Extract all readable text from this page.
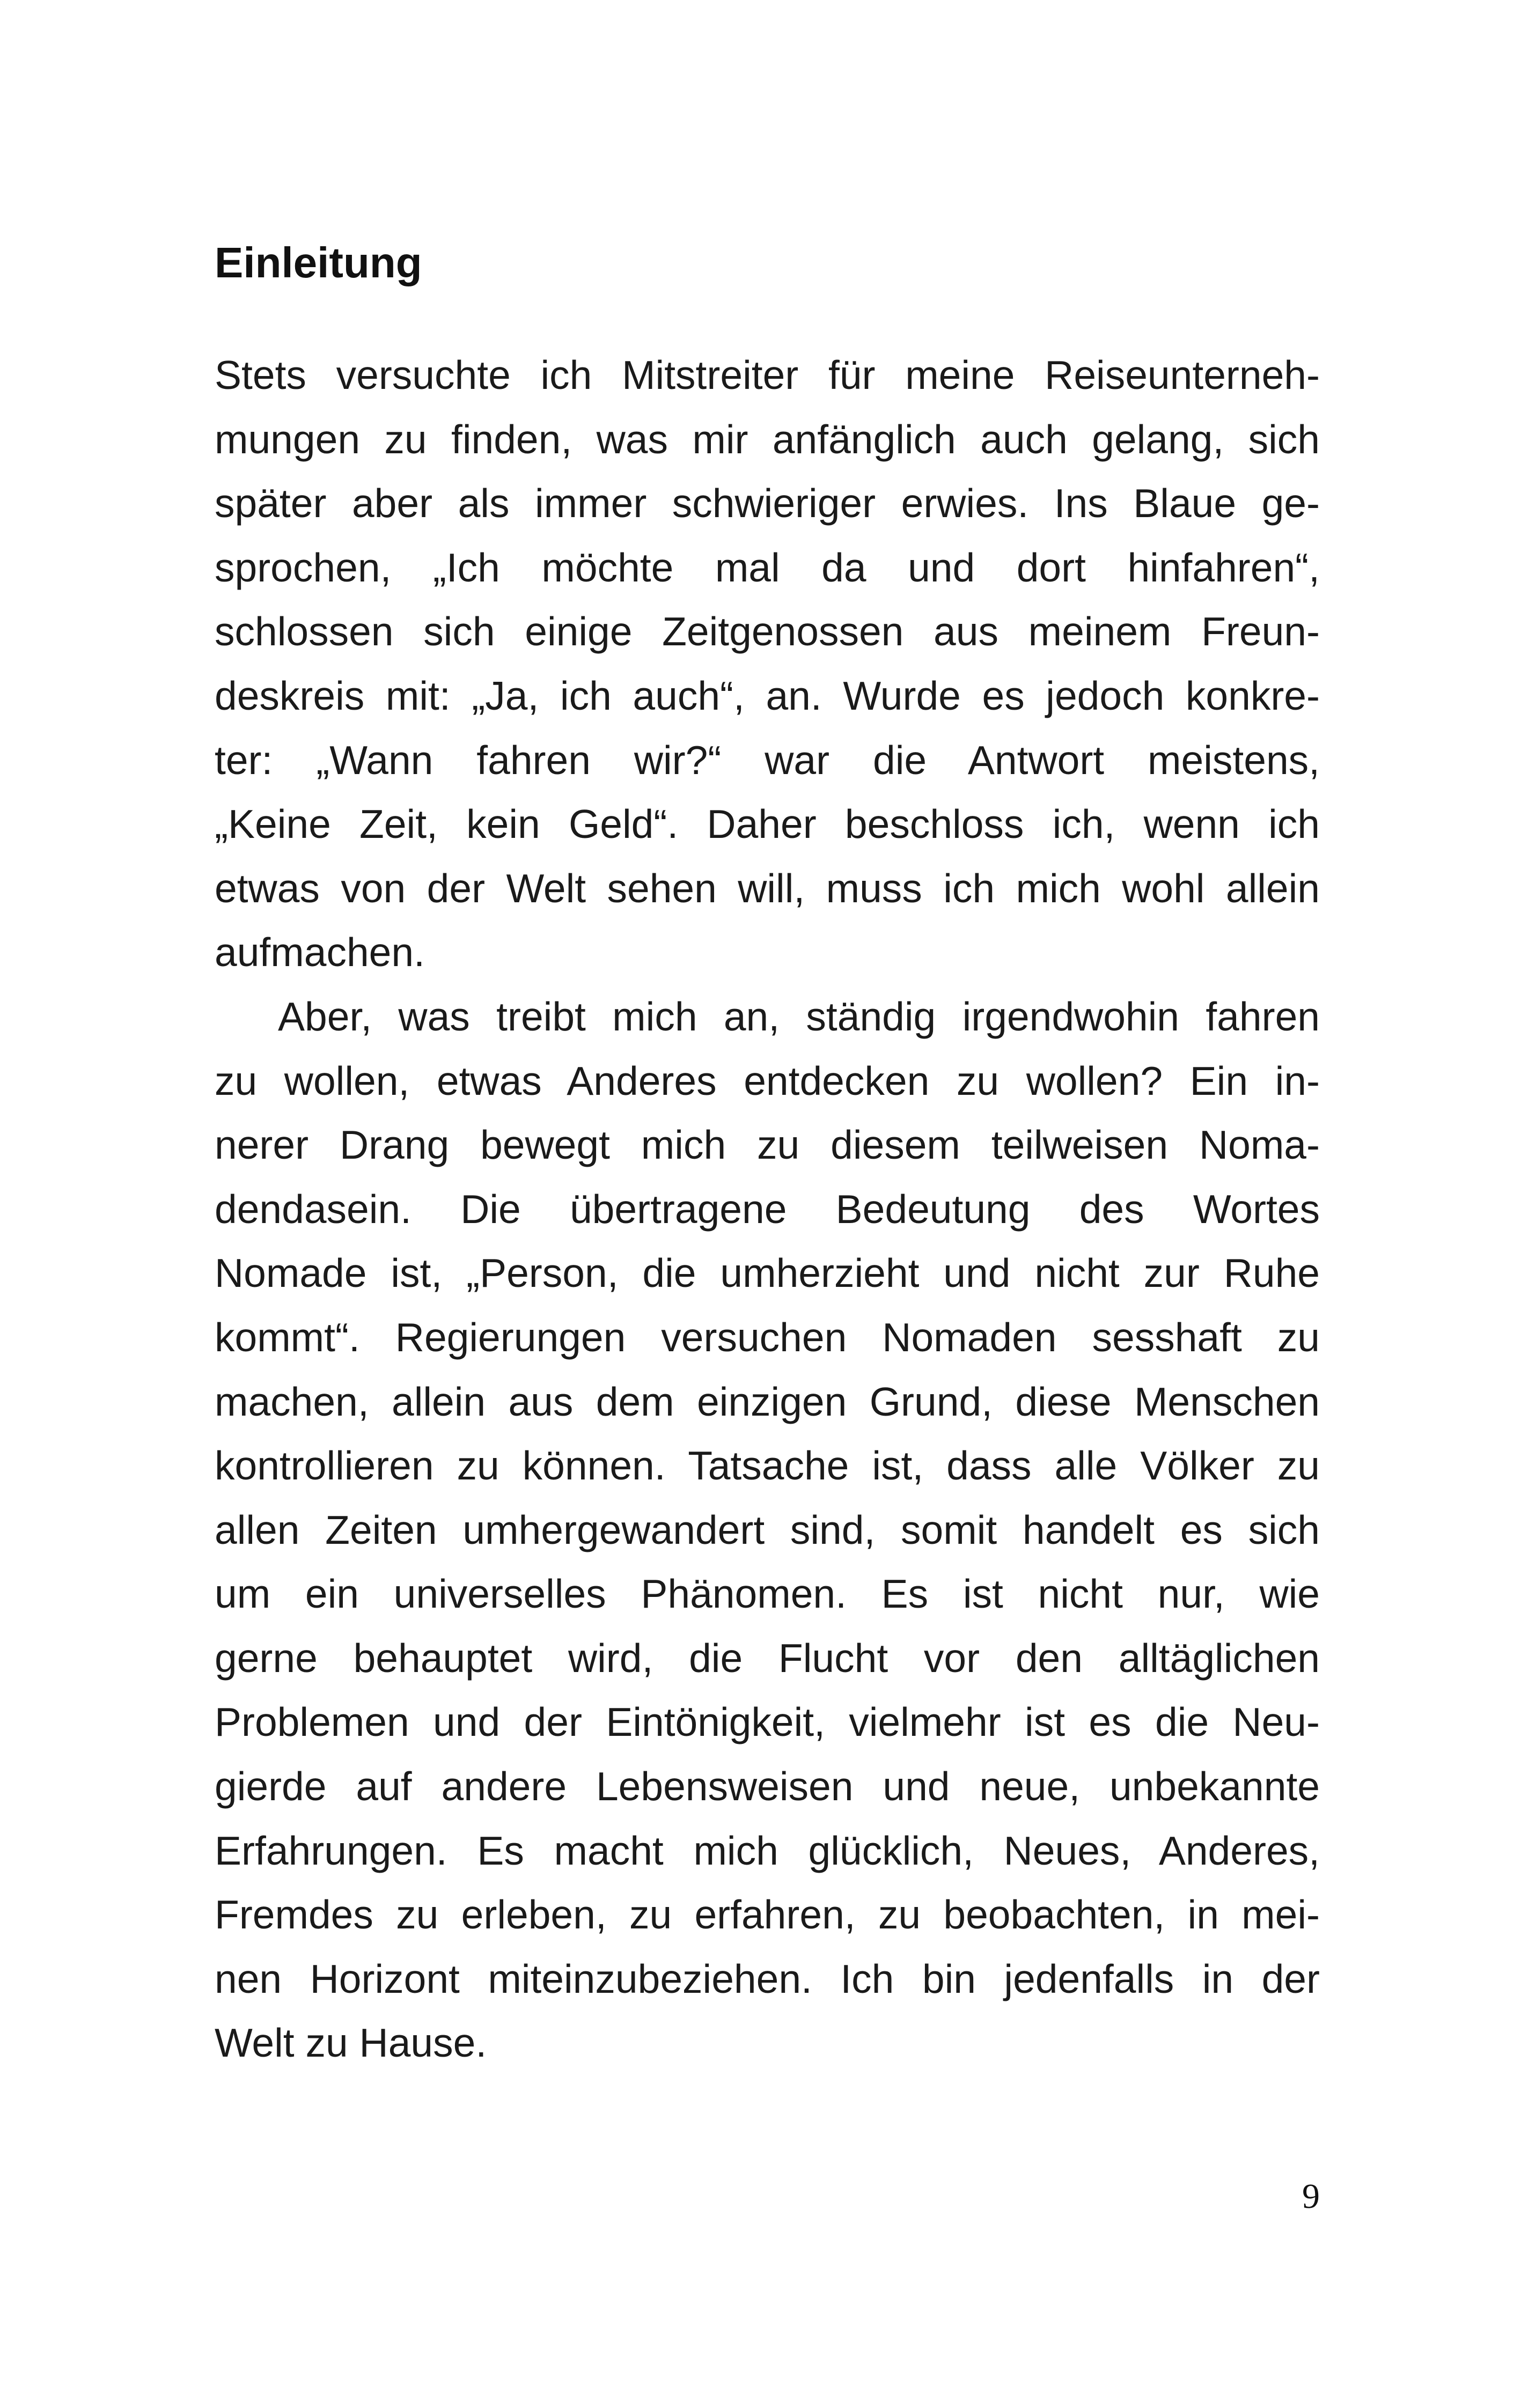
Einleitung
Stets versuchte ich Mitstreiter für meine Reiseunterneh-
mungen zu finden, was mir anfänglich auch gelang, sich
später aber als immer schwieriger erwies. Ins Blaue ge-
sprochen, „Ich möchte mal da und dort hinfahren“,
schlossen sich einige Zeitgenossen aus meinem Freun-
deskreis mit: „Ja, ich auch“, an. Wurde es jedoch konkre-
ter: „Wann fahren wir?“ war die Antwort meistens,
„Keine Zeit, kein Geld“. Daher beschloss ich, wenn ich
etwas von der Welt sehen will, muss ich mich wohl allein
aufmachen.
Aber, was treibt mich an, ständig irgendwohin fahren
zu wollen, etwas Anderes entdecken zu wollen? Ein in-
nerer Drang bewegt mich zu diesem teilweisen Noma-
dendasein. Die übertragene Bedeutung des Wortes
Nomade ist, „Person, die umherzieht und nicht zur Ruhe
kommt“. Regierungen versuchen Nomaden sesshaft zu
machen, allein aus dem einzigen Grund, diese Menschen
kontrollieren zu können. Tatsache ist, dass alle Völker zu
allen Zeiten umhergewandert sind, somit handelt es sich
um ein universelles Phänomen. Es ist nicht nur, wie
gerne behauptet wird, die Flucht vor den alltäglichen
Problemen und der Eintönigkeit, vielmehr ist es die Neu-
gierde auf andere Lebensweisen und neue, unbekannte
Erfahrungen. Es macht mich glücklich, Neues, Anderes,
Fremdes zu erleben, zu erfahren, zu beobachten, in mei-
nen Horizont miteinzubeziehen. Ich bin jedenfalls in der
Welt zu Hause.
9
